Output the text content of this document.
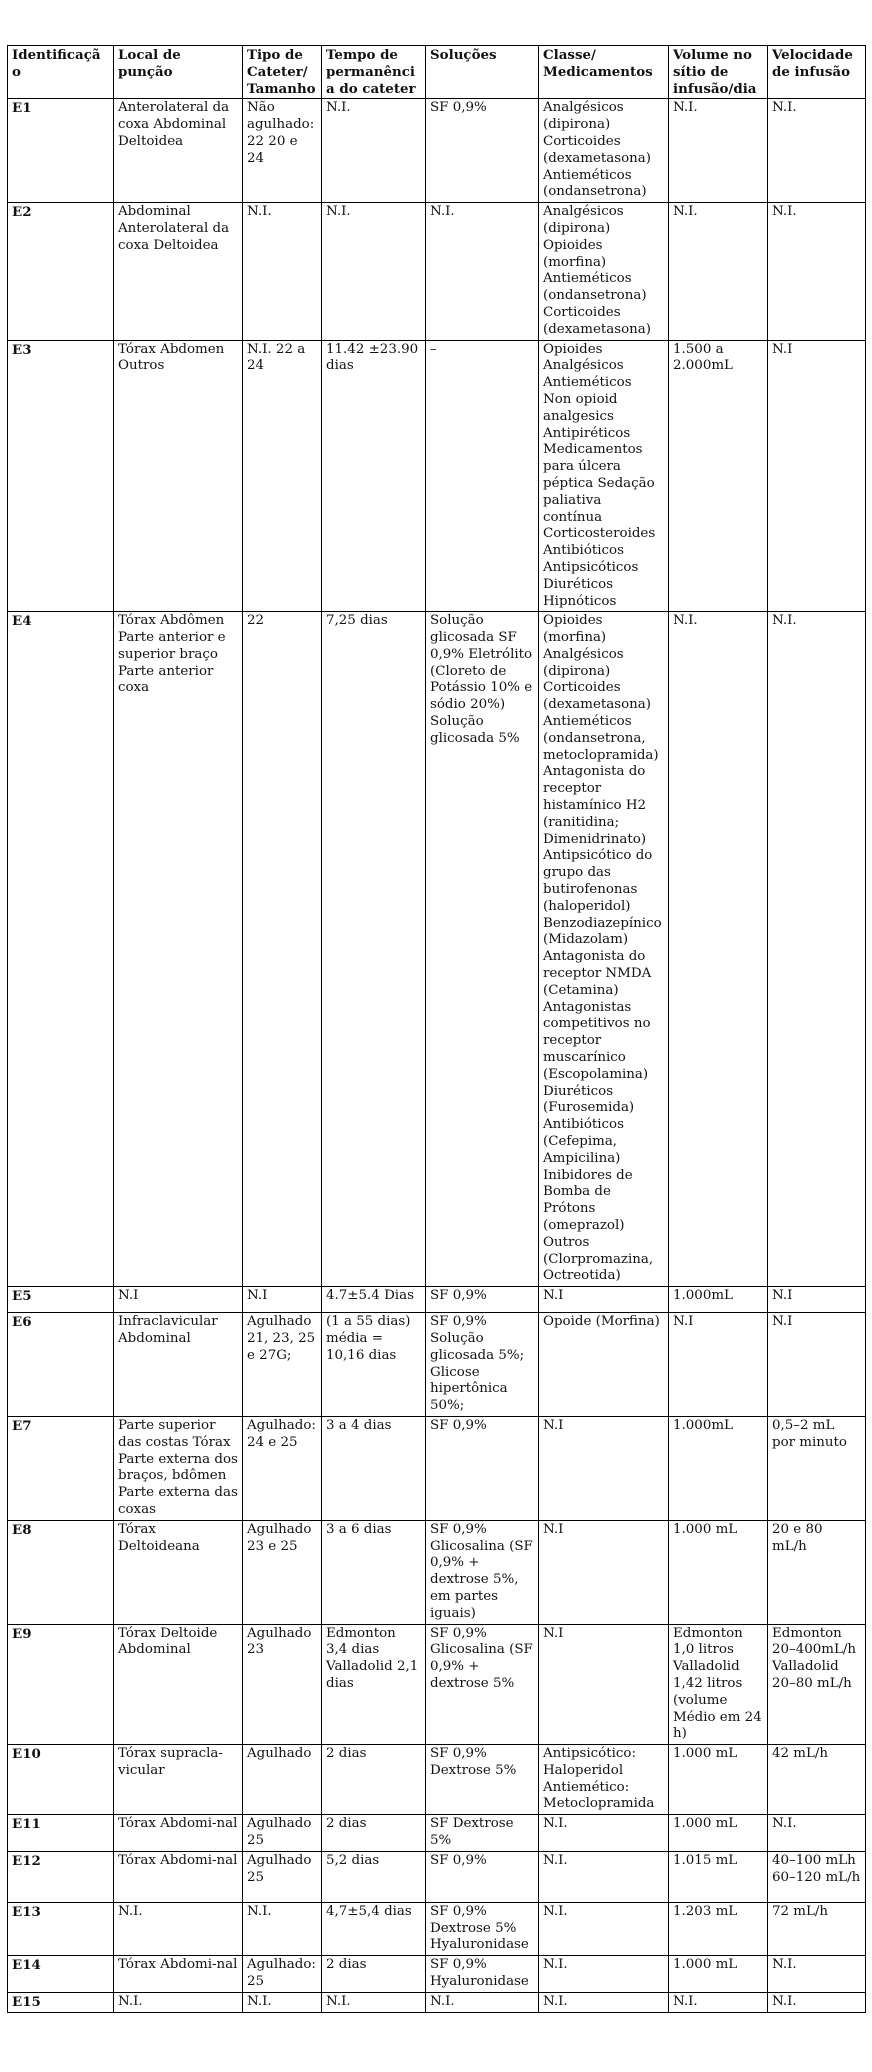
Identificação	Local de punção	Tipo de Cateter/ Tamanho	Tempo de permanência do cateter	Soluções	Classe/ Medicamentos	Volume no sítio de infusão/dia	Velocidade de infusão
E1	Anterolateral da coxa Abdominal Deltoidea	Não agulhado: 22 20 e 24	N.I.	SF 0,9%	Analgésicos (dipirona) Corticoides (dexametasona) Antieméticos (ondansetrona)	N.I.	N.I.
E2	Abdominal Anterolateral da coxa Deltoidea	N.I.	N.I.	N.I.	Analgésicos (dipirona) Opioides (morfina) Antieméticos (ondansetrona) Corticoides (dexametasona)	N.I.	N.I.
E3	Tórax Abdomen Outros	N.I. 22 a 24	11.42 ±23.90 dias	–	Opioides Analgésicos Antieméticos Non opioid analgesics Antipiréticos Medicamentos para úlcera péptica Sedação paliativa contínua Corticosteroides Antibióticos Antipsicóticos Diuréticos Hipnóticos	1.500 a 2.000mL	N.I
E4	Tórax Abdômen Parte anterior e superior braço Parte anterior coxa	22	7,25 dias	Solução glicosada SF 0,9% Eletrólito (Cloreto de Potássio 10% e sódio 20%) Solução glicosada 5%	Opioides (morfina) Analgésicos (dipirona) Corticoides (dexametasona) Antieméticos (ondansetrona, metoclopramida) Antagonista do receptor histamínico H2 (ranitidina; Dimenidrinato) Antipsicótico do grupo das butirofenonas (haloperidol) Benzodiazepínico (Midazolam) Antagonista do receptor NMDA (Cetamina) Antagonistas competitivos no receptor muscarínico (Escopolamina) Diuréticos (Furosemida) Antibióticos (Cefepima, Ampicilina) Inibidores de Bomba de Prótons (omeprazol) Outros (Clorpromazina, Octreotida)	N.I.	N.I.
E5	N.I	N.I	4.7±5.4 Dias	SF 0,9%	N.I	1.000mL	N.I
E6	Infraclavicular Abdominal	Agulhado 21, 23, 25 e 27G;	(1 a 55 dias) média = 10,16 dias	SF 0,9% Solução glicosada 5%; Glicose hipertônica 50%;	Opoide (Morfina)	N.I	N.I
E7	Parte superior das costas Tórax Parte externa dos braços, bdômen Parte externa das coxas	Agulhado: 24 e 25	3 a 4 dias	SF 0,9%	N.I	1.000mL	0,5–2 mL por minuto
E8	Tórax Deltoideana	Agulhado 23 e 25	3 a 6 dias	SF 0,9% Glicosalina (SF 0,9% + dextrose 5%, em partes iguais)	N.I	1.000 mL	20 e 80 mL/h
E9	Tórax Deltoide Abdominal	Agulhado 23	Edmonton 3,4 dias Valladolid 2,1 dias	SF 0,9% Glicosalina (SF 0,9% + dextrose 5%	N.I	Edmonton 1,0 litros Valladolid 1,42 litros (volume Médio em 24 h)	Edmonton 20–400mL/h Valladolid 20–80 mL/h
E10	Tórax supracla-vicular	Agulhado	2 dias	SF 0,9% Dextrose 5%	Antipsicótico: Haloperidol Antiemético: Metoclopramida	1.000 mL	42 mL/h
E11	Tórax Abdomi-nal	Agulhado 25	2 dias	SF Dextrose 5%	N.I.	1.000 mL	N.I.
E12	Tórax Abdomi-nal	Agulhado 25	5,2 dias	SF 0,9%	N.I.	1.015 mL	40–100 mLh 60–120 mL/h
E13	N.I.	N.I.	4,7±5,4 dias	SF 0,9% Dextrose 5% Hyaluronidase	N.I.	1.203 mL	72 mL/h
E14	Tórax Abdomi-nal	Agulhado: 25	2 dias	SF 0,9% Hyaluronidase	N.I.	1.000 mL	N.I.
E15	N.I.	N.I.	N.I.	N.I.	N.I.	N.I.	N.I.
